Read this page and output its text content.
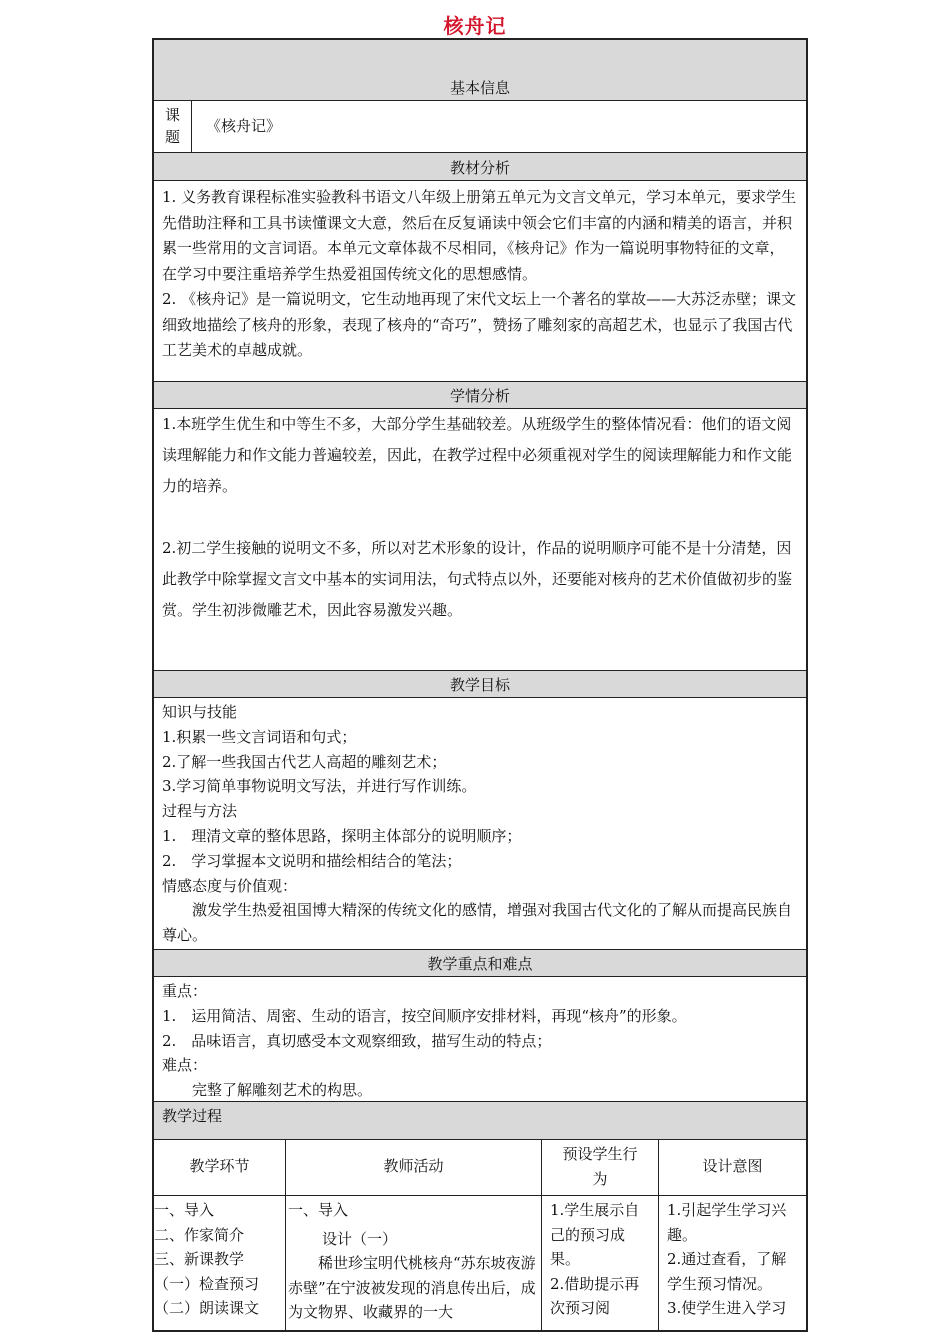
核舟记
基本信息
课
题
《核舟记》
教材分析

1. 义务教育课程标准实验教科书语文八年级上册第五单元为文言文单元，学习本单元，要求学生先借助注释和工具书读懂课文大意，然后在反复诵读中领会它们丰富的内涵和精美的语言，并积累一些常用的文言词语。本单元文章体裁不尽相同，《核舟记》作为一篇说明事物特征的文章，在学习中要注重培养学生热爱祖国传统文化的思想感情。

2. 《核舟记》是一篇说明文，它生动地再现了宋代文坛上一个著名的掌故——大苏泛赤壁；课文细致地描绘了核舟的形象，表现了核舟的“奇巧”，赞扬了雕刻家的高超艺术，也显示了我国古代工艺美术的卓越成就。

学情分析

1.本班学生优生和中等生不多，大部分学生基础较差。从班级学生的整体情况看：他们的语文阅读理解能力和作文能力普遍较差，因此，在教学过程中必须重视对学生的阅读理解能力和作文能力的培养。

2.初二学生接触的说明文不多，所以对艺术形象的设计，作品的说明顺序可能不是十分清楚，因此教学中除掌握文言文中基本的实词用法，句式特点以外，还要能对核舟的艺术价值做初步的鉴赏。学生初涉微雕艺术，因此容易激发兴趣。

教学目标
知识与技能
1.积累一些文言词语和句式；
2.了解一些我国古代艺人高超的雕刻艺术；
3.学习简单事物说明文写法，并进行写作训练。
过程与方法
1.　理清文章的整体思路，探明主体部分的说明顺序；
2.　学习掌握本文说明和描绘相结合的笔法；
情感态度与价值观：
激发学生热爱祖国博大精深的传统文化的感情，增强对我国古代文化的了解从而提高民族自尊心。
教学重点和难点
重点：
1.　运用简洁、周密、生动的语言，按空间顺序安排材料，再现“核舟”的形象。
2.　品味语言，真切感受本文观察细致，描写生动的特点；
难点：
完整了解雕刻艺术的构思。
教学过程
教学环节	教师活动
预设学生行
为
设计意图
一、导入
二、作家简介
三、新课教学
（一）检查预习
（二）朗读课文
一、导入
设计（一）
稀世珍宝明代桃核舟“苏东坡夜游赤壁”在宁波被发现的消息传出后，成为文物界、收藏界的一大
1.学生展示自己的预习成果。
2.借助提示再次预习阅
1.引起学生学习兴趣。
2.通过查看，了解学生预习情况。
3.使学生进入学习
